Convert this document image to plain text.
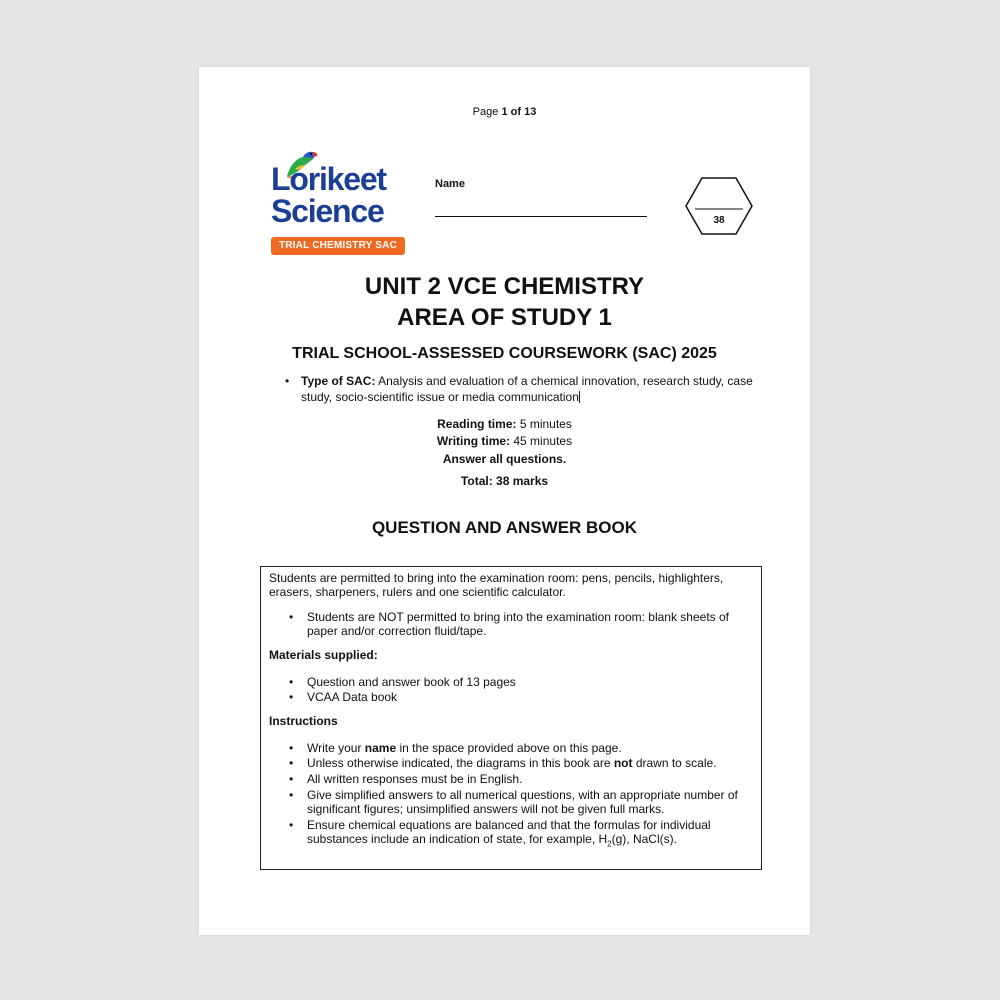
Page 1 of 13
Lorikeet
Science
TRIAL CHEMISTRY SAC
Name
38
UNIT 2 VCE CHEMISTRY
AREA OF STUDY 1
TRIAL SCHOOL-ASSESSED COURSEWORK (SAC) 2025
• Type of SAC: Analysis and evaluation of a chemical innovation, research study, case
study, socio-scientific issue or media communication
Reading time: 5 minutes
Writing time: 45 minutes
Answer all questions.
Total: 38 marks
QUESTION AND ANSWER BOOK
Students are permitted to bring into the examination room: pens, pencils, highlighters,
erasers, sharpeners, rulers and one scientific calculator.
• Students are NOT permitted to bring into the examination room: blank sheets of
paper and/or correction fluid/tape.
Materials supplied:
• Question and answer book of 13 pages
• VCAA Data book
Instructions
• Write your name in the space provided above on this page.
• Unless otherwise indicated, the diagrams in this book are not drawn to scale.
• All written responses must be in English.
• Give simplified answers to all numerical questions, with an appropriate number of
significant figures; unsimplified answers will not be given full marks.
• Ensure chemical equations are balanced and that the formulas for individual
substances include an indication of state, for example, $H_2(g)$, NaCl(s).
